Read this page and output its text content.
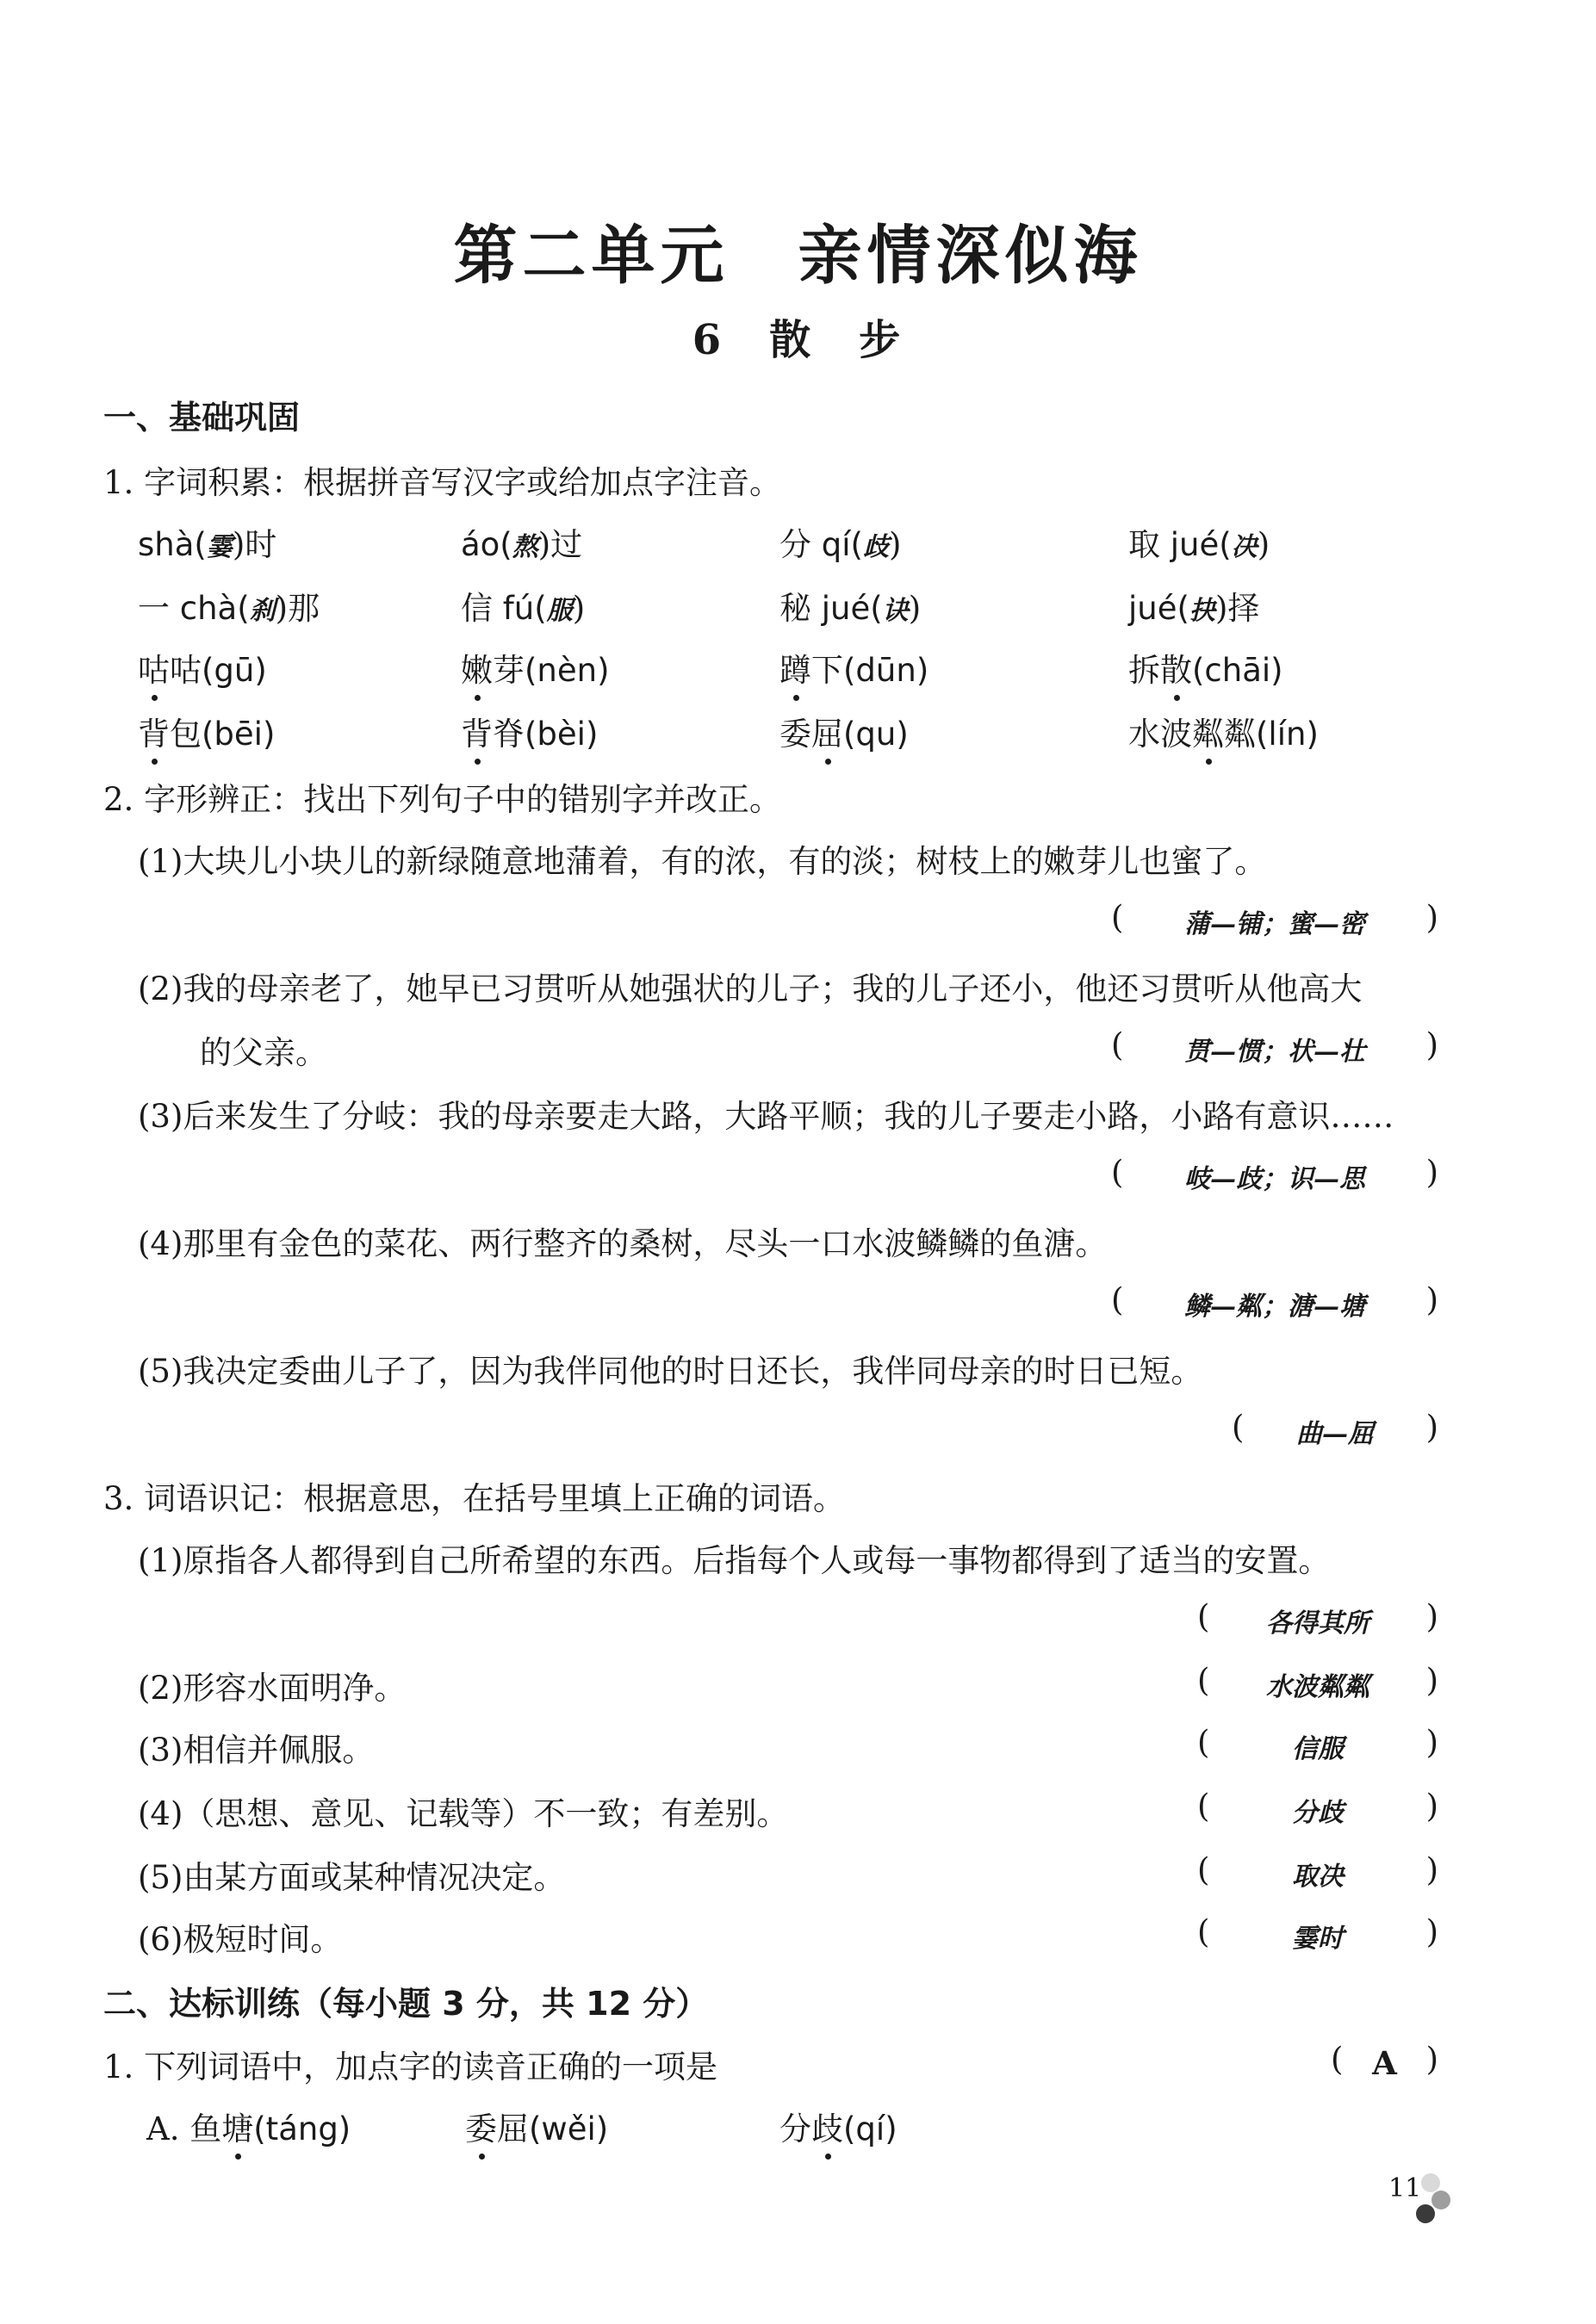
第二单元　亲情深似海
6　散　步
一、基础巩固
1. 字词积累：根据拼音写汉字或给加点字注音。
shà(霎)时	áo(熬)过	分 qí(歧)	取 jué(决)
一 chà(刹)那	信 fú(服)	秘 jué(诀)	jué(抉)择
咕咕(gū)	嫩芽(nèn)	蹲下(dūn)	拆散(chāi)
背包(bēi)	背脊(bèi)	委屈(qu)	水波粼粼(lín)
2. 字形辨正：找出下列句子中的错别字并改正。
(1)大块儿小块儿的新绿随意地蒲着，有的浓，有的淡；树枝上的嫩芽儿也蜜了。
(	蒲—铺；蜜—密	)
(2)我的母亲老了，她早已习贯听从她强状的儿子；我的儿子还小，他还习贯听从他高大
的父亲。	(	贯—惯；状—壮	)
(3)后来发生了分岐：我的母亲要走大路，大路平顺；我的儿子要走小路，小路有意识……
(	岐—歧；识—思	)
(4)那里有金色的菜花、两行整齐的桑树，尽头一口水波鳞鳞的鱼溏。
(	鳞—粼；溏—塘	)
(5)我决定委曲儿子了，因为我伴同他的时日还长，我伴同母亲的时日已短。
(	曲—屈	)
3. 词语识记：根据意思，在括号里填上正确的词语。
(1)原指各人都得到自己所希望的东西。后指每个人或每一事物都得到了适当的安置。
(	各得其所	)
(2)形容水面明净。	(	水波粼粼	)
(3)相信并佩服。	(	信服	)
(4)（思想、意见、记载等）不一致；有差别。	(	分歧	)
(5)由某方面或某种情况决定。	(	取决	)
(6)极短时间。	(	霎时	)
二、达标训练（每小题 3 分，共 12 分）
1. 下列词语中，加点字的读音正确的一项是	( A )
A. 鱼塘(táng)	委屈(wěi)	分歧(qí)
11
